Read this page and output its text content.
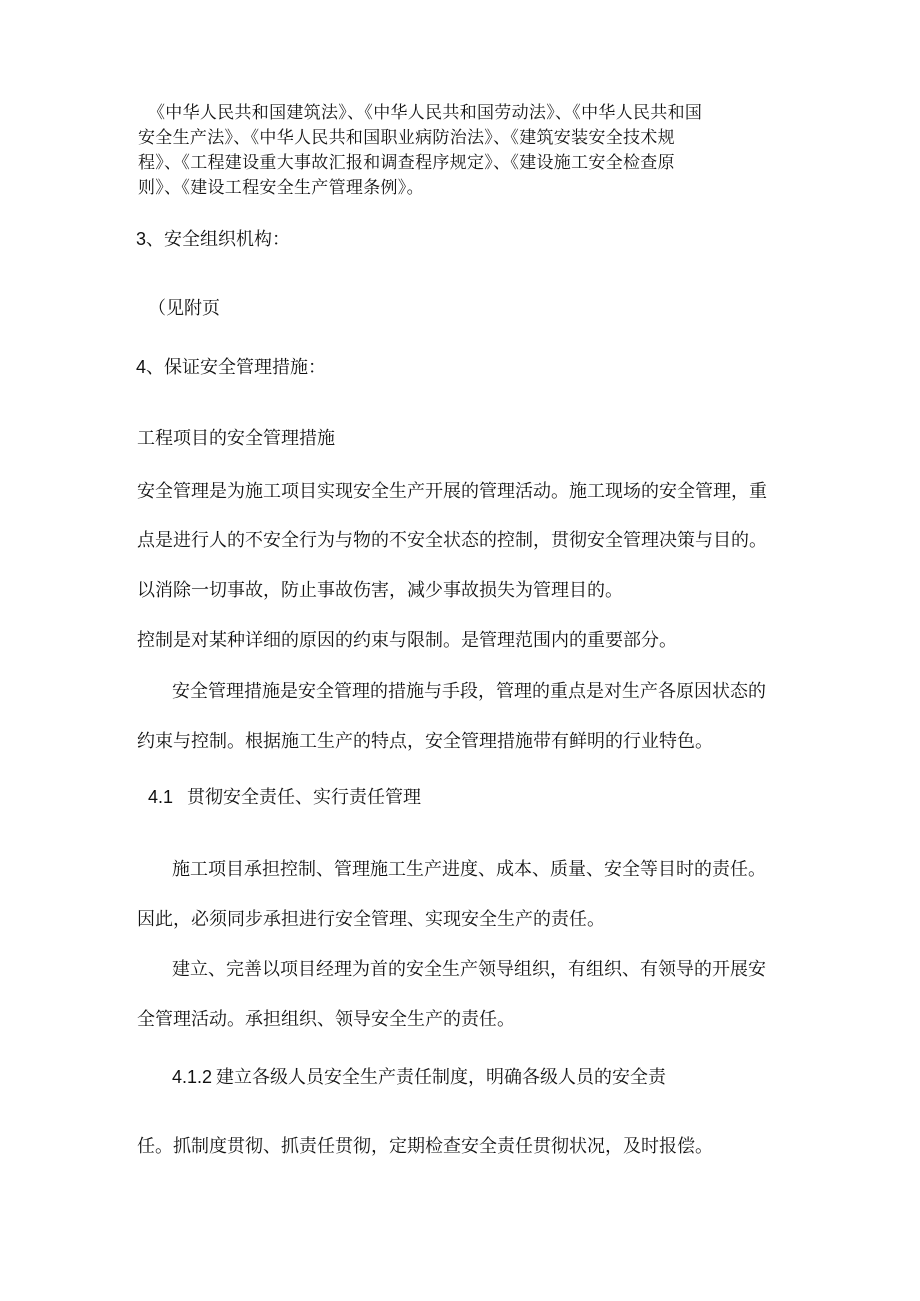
《中华人民共和国建筑法》、《中华人民共和国劳动法》、《中华人民共和国
安全生产法》、《中华人民共和国职业病防治法》、《建筑安装安全技术规
程》、《工程建设重大事故汇报和调查程序规定》、《建设施工安全检查原
则》、《建设工程安全生产管理条例》。
3、安全组织机构：
（见附页
4、保证安全管理措施：
工程项目的安全管理措施
安全管理是为施工项目实现安全生产开展的管理活动。施工现场的安全管理，重
点是进行人的不安全行为与物的不安全状态的控制，贯彻安全管理决策与目的。
以消除一切事故，防止事故伤害，减少事故损失为管理目的。
控制是对某种详细的原因的约束与限制。是管理范围内的重要部分。
安全管理措施是安全管理的措施与手段，管理的重点是对生产各原因状态的
约束与控制。根据施工生产的特点，安全管理措施带有鲜明的行业特色。
4.1 贯彻安全责任、实行责任管理
施工项目承担控制、管理施工生产进度、成本、质量、安全等目时的责任。
因此，必须同步承担进行安全管理、实现安全生产的责任。
建立、完善以项目经理为首的安全生产领导组织，有组织、有领导的开展安
全管理活动。承担组织、领导安全生产的责任。
4.1.2 建立各级人员安全生产责任制度，明确各级人员的安全责
任。抓制度贯彻、抓责任贯彻，定期检查安全责任贯彻状况，及时报偿。
